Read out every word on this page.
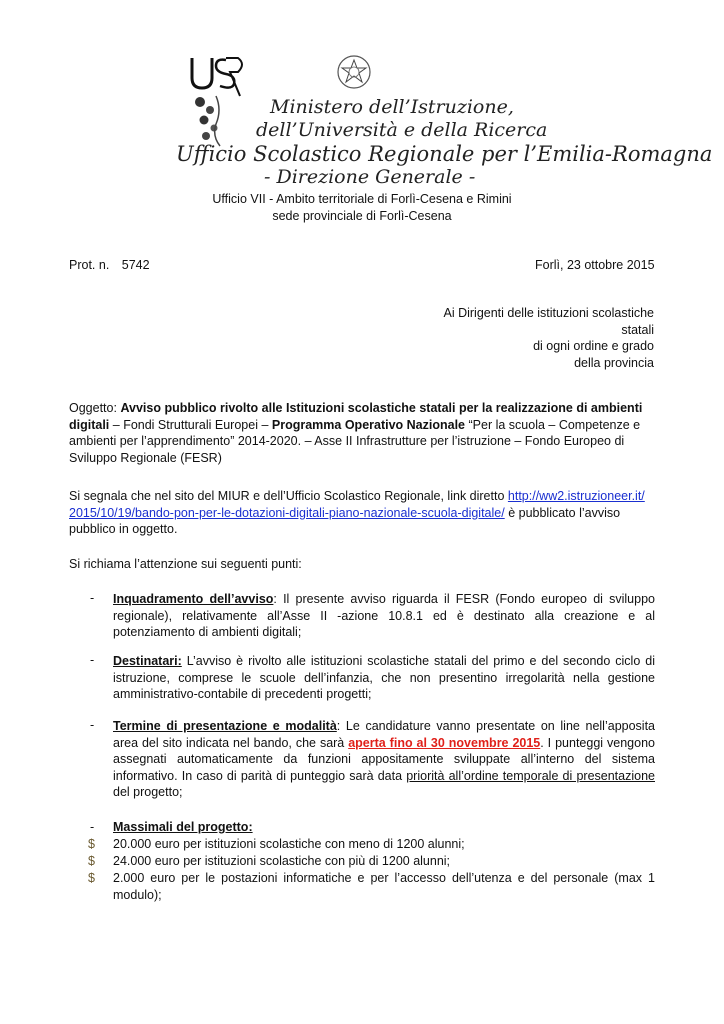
Ministero dell’Istruzione,
dell’Università e della Ricerca
Ufficio Scolastico Regionale per l’Emilia-Romagna
- Direzione Generale -
Ufficio VII - Ambito territoriale di Forlì-Cesena e Rimini
sede provinciale di Forlì-Cesena
Prot. n. 5742	Forlì, 23 ottobre 2015
Ai Dirigenti delle istituzioni scolastiche
statali
di ogni ordine e grado
della provincia
Oggetto: Avviso pubblico rivolto alle Istituzioni scolastiche statali per la realizzazione di ambienti digitali – Fondi Strutturali Europei – Programma Operativo Nazionale “Per la scuola – Competenze e ambienti per l’apprendimento” 2014-2020. – Asse II Infrastrutture per l’istruzione – Fondo Europeo di Sviluppo Regionale (FESR)
Si segnala che nel sito del MIUR e dell’Ufficio Scolastico Regionale, link diretto http://ww2.istruzioneer.it/2015/10/19/bando-pon-per-le-dotazioni-digitali-piano-nazionale-scuola-digitale/ è pubblicato l’avviso pubblico in oggetto.
Si richiama l’attenzione sui seguenti punti:
- Inquadramento dell’avviso: Il presente avviso riguarda il FESR (Fondo europeo di sviluppo regionale), relativamente all’Asse II -azione 10.8.1 ed è destinato alla creazione e al potenziamento di ambienti digitali;
- Destinatari: L’avviso è rivolto alle istituzioni scolastiche statali del primo e del secondo ciclo di istruzione, comprese le scuole dell’infanzia, che non presentino irregolarità nella gestione amministrativo-contabile di precedenti progetti;
- Termine di presentazione e modalità: Le candidature vanno presentate on line nell’apposita area del sito indicata nel bando, che sarà aperta fino al 30 novembre 2015. I punteggi vengono assegnati automaticamente da funzioni appositamente sviluppate all’interno del sistema informativo. In caso di parità di punteggio sarà data priorità all’ordine temporale di presentazione del progetto;
- Massimali del progetto:
$ 20.000 euro per istituzioni scolastiche con meno di 1200 alunni;
$ 24.000 euro per istituzioni scolastiche con più di 1200 alunni;
$ 2.000 euro per le postazioni informatiche e per l’accesso dell’utenza e del personale (max 1 modulo);
